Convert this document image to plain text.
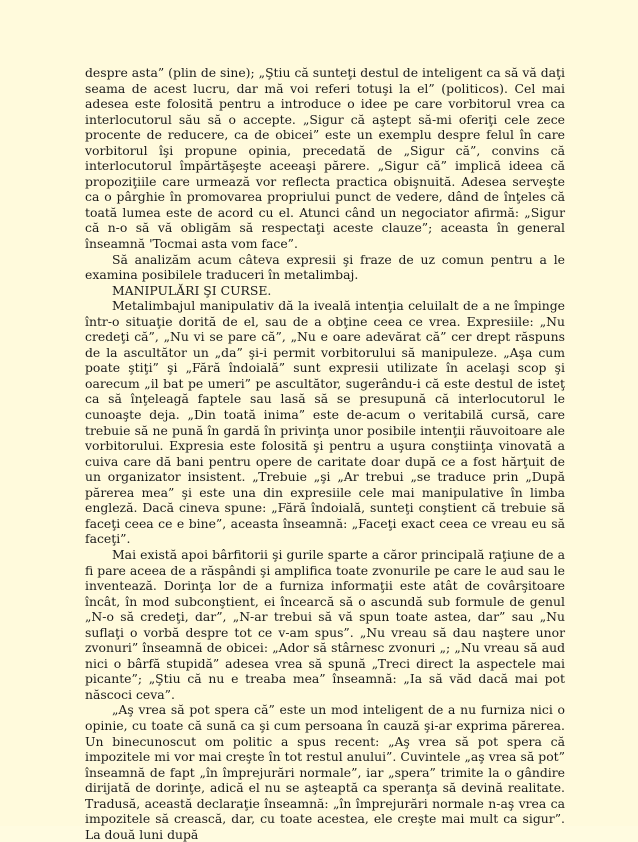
despre asta” (plin de sine); „Ştiu că sunteţi destul de inteligent ca să vă daţi seama de acest lucru, dar mă voi referi totuşi la el” (politicos). Cel mai adesea este folosită pentru a introduce o idee pe care vorbitorul vrea ca interlocutorul său să o accepte. „Sigur că aştept să-mi oferiţi cele zece procente de reducere, ca de obicei” este un exemplu despre felul în care vorbitorul îşi propune opinia, precedată de „Sigur că”, convins că interlocutorul împărtăşeşte aceeaşi părere. „Sigur că” implică ideea că propoziţiile care urmează vor reflecta practica obişnuită. Adesea serveşte ca o pârghie în promovarea propriului punct de vedere, dând de înţeles că toată lumea este de acord cu el. Atunci când un negociator afirmă: „Sigur că n-o să vă obligăm să respectaţi aceste clauze”; aceasta în general înseamnă 'Tocmai asta vom face”.

Să analizăm acum câteva expresii şi fraze de uz comun pentru a le examina posibilele traduceri în metalimbaj.

MANIPULĂRI ŞI CURSE.

Metalimbajul manipulativ dă la iveală intenţia celuilalt de a ne împinge într-o situaţie dorită de el, sau de a obţine ceea ce vrea. Expresiile: „Nu credeţi că”, „Nu vi se pare că”, „Nu e oare adevărat că” cer drept răspuns de la ascultător un „da” şi-i permit vorbitorului să manipuleze. „Aşa cum poate ştiţi” şi „Fără îndoială” sunt expresii utilizate în acelaşi scop şi oarecum „il bat pe umeri” pe ascultător, sugerându-i că este destul de isteţ ca să înţeleagă faptele sau lasă să se presupună că interlocutorul le cunoaşte deja. „Din toată inima” este de-acum o veritabilă cursă, care trebuie să ne pună în gardă în privinţa unor posibile intenţii răuvoitoare ale vorbitorului. Expresia este folosită şi pentru a uşura conştiinţa vinovată a cuiva care dă bani pentru opere de caritate doar după ce a fost hărţuit de un organizator insistent. „Trebuie „şi „Ar trebui „se traduce prin „După părerea mea” şi este una din expresiile cele mai manipulative în limba engleză. Dacă cineva spune: „Fără îndoială, sunteţi conştient că trebuie să faceţi ceea ce e bine”, aceasta înseamnă: „Faceţi exact ceea ce vreau eu să faceţi”.

Mai există apoi bârfitorii şi gurile sparte a căror principală raţiune de a fi pare aceea de a răspândi şi amplifica toate zvonurile pe care le aud sau le inventează. Dorinţa lor de a furniza informaţii este atât de covârşitoare încât, în mod subconştient, ei încearcă să o ascundă sub formule de genul „N-o să credeţi, dar”, „N-ar trebui să vă spun toate astea, dar” sau „Nu suflaţi o vorbă despre tot ce v-am spus”. „Nu vreau să dau naştere unor zvonuri” înseamnă de obicei: „Ador să stârnesc zvonuri „; „Nu vreau să aud nici o bârfă stupidă” adesea vrea să spună „Treci direct la aspectele mai picante”; „Ştiu că nu e treaba mea” înseamnă: „Ia să văd dacă mai pot născoci ceva”.

„Aş vrea să pot spera că” este un mod inteligent de a nu furniza nici o opinie, cu toate că sună ca şi cum persoana în cauză şi-ar exprima părerea. Un binecunoscut om politic a spus recent: „Aş vrea să pot spera că impozitele mi vor mai creşte în tot restul anului”. Cuvintele „aş vrea să pot” înseamnă de fapt „în împrejurări normale”, iar „spera” trimite la o gândire dirijată de dorinţe, adică el nu se aşteaptă ca speranţa să devină realitate. Tradusă, această declaraţie înseamnă: „în împrejurări normale n-aş vrea ca impozitele să crească, dar, cu toate acestea, ele creşte mai mult ca sigur”. La două luni după
